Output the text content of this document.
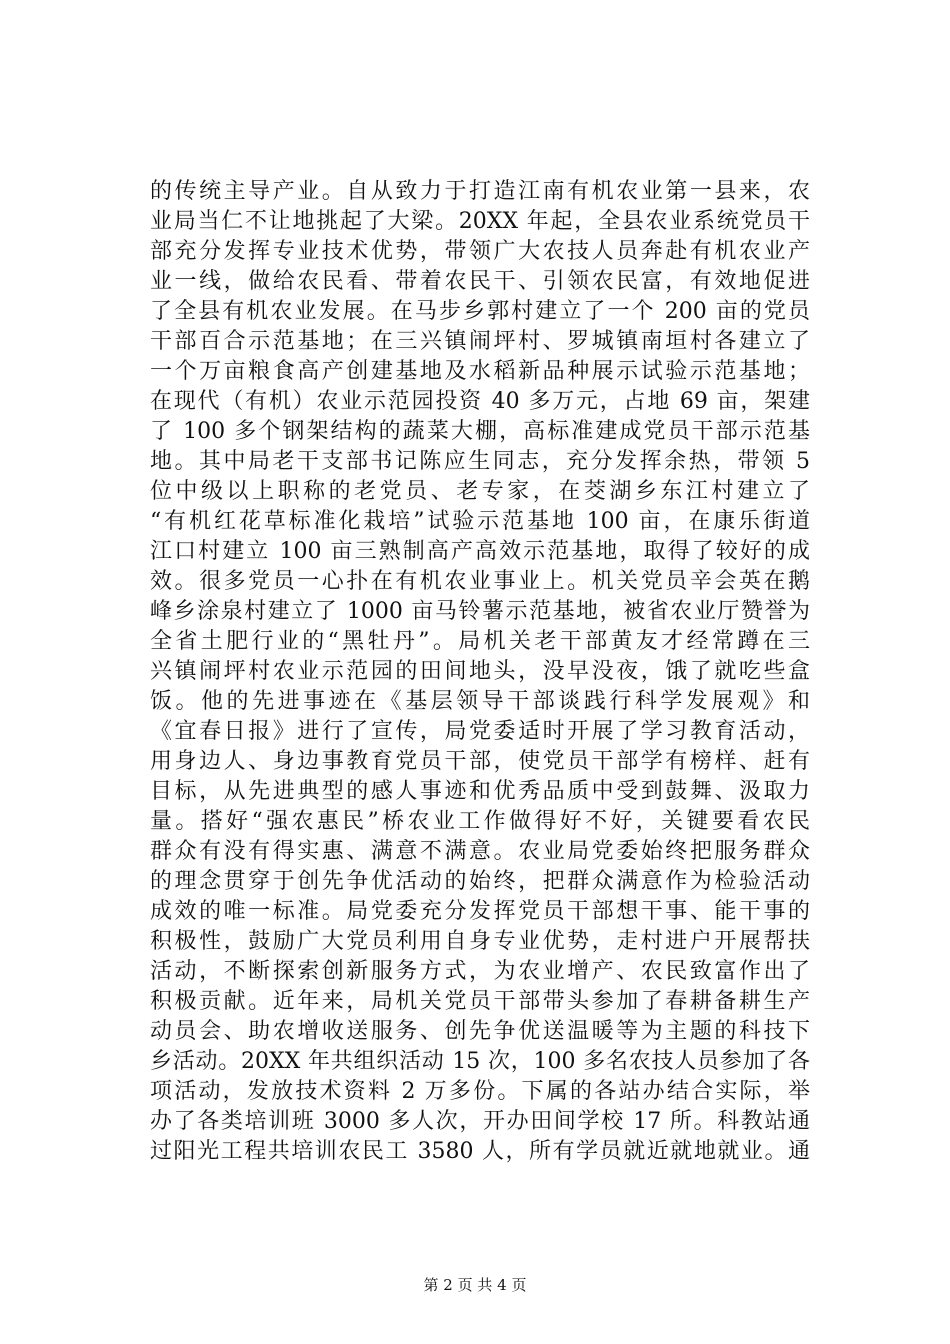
的传统主导产业。自从致力于打造江南有机农业第一县来，农
业局当仁不让地挑起了大梁。20XX 年起，全县农业系统党员干
部充分发挥专业技术优势，带领广大农技人员奔赴有机农业产
业一线，做给农民看、带着农民干、引领农民富，有效地促进
了全县有机农业发展。在马步乡郭村建立了一个 200 亩的党员
干部百合示范基地；在三兴镇闹坪村、罗城镇南垣村各建立了
一个万亩粮食高产创建基地及水稻新品种展示试验示范基地；
在现代（有机）农业示范园投资 40 多万元，占地 69 亩，架建
了 100 多个钢架结构的蔬菜大棚，高标准建成党员干部示范基
地。其中局老干支部书记陈应生同志，充分发挥余热，带领 5
位中级以上职称的老党员、老专家，在茭湖乡东江村建立了
“有机红花草标准化栽培”试验示范基地 100 亩，在康乐街道
江口村建立 100 亩三熟制高产高效示范基地，取得了较好的成
效。很多党员一心扑在有机农业事业上。机关党员辛会英在鹅
峰乡涂泉村建立了 1000 亩马铃薯示范基地，被省农业厅赞誉为
全省土肥行业的“黑牡丹”。局机关老干部黄友才经常蹲在三
兴镇闹坪村农业示范园的田间地头，没早没夜，饿了就吃些盒
饭。他的先进事迹在《基层领导干部谈践行科学发展观》和
《宜春日报》进行了宣传，局党委适时开展了学习教育活动，
用身边人、身边事教育党员干部，使党员干部学有榜样、赶有
目标，从先进典型的感人事迹和优秀品质中受到鼓舞、汲取力
量。搭好“强农惠民”桥农业工作做得好不好，关键要看农民
群众有没有得实惠、满意不满意。农业局党委始终把服务群众
的理念贯穿于创先争优活动的始终，把群众满意作为检验活动
成效的唯一标准。局党委充分发挥党员干部想干事、能干事的
积极性，鼓励广大党员利用自身专业优势，走村进户开展帮扶
活动，不断探索创新服务方式，为农业增产、农民致富作出了
积极贡献。近年来，局机关党员干部带头参加了春耕备耕生产
动员会、助农增收送服务、创先争优送温暖等为主题的科技下
乡活动。20XX 年共组织活动 15 次，100 多名农技人员参加了各
项活动，发放技术资料 2 万多份。下属的各站办结合实际，举
办了各类培训班 3000 多人次，开办田间学校 17 所。科教站通
过阳光工程共培训农民工 3580 人，所有学员就近就地就业。通
第 2 页 共 4 页
